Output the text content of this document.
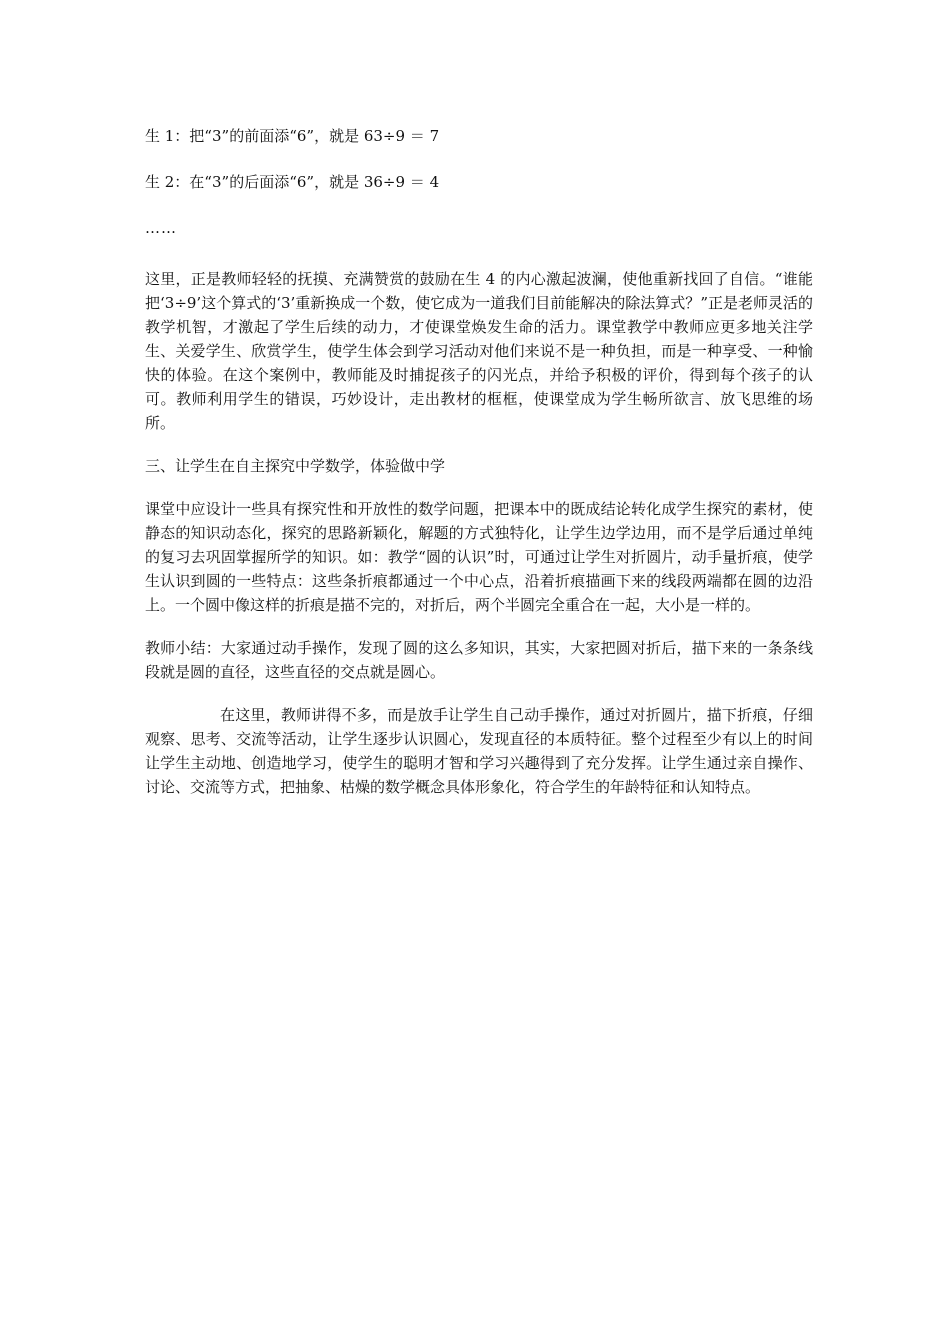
生 1：把“3”的前面添“6”，就是 63÷9 ＝ 7

生 2：在“3”的后面添“6”，就是 36÷9 ＝ 4

……

这里，正是教师轻轻的抚摸、充满赞赏的鼓励在生 4 的内心激起波澜，使他重新找回了自信。“谁能把‘3÷9’这个算式的‘3’重新换成一个数，使它成为一道我们目前能解决的除法算式？”正是老师灵活的教学机智，才激起了学生后续的动力，才使课堂焕发生命的活力。课堂教学中教师应更多地关注学生、关爱学生、欣赏学生，使学生体会到学习活动对他们来说不是一种负担，而是一种享受、一种愉快的体验。在这个案例中，教师能及时捕捉孩子的闪光点，并给予积极的评价，得到每个孩子的认可。教师利用学生的错误，巧妙设计，走出教材的框框，使课堂成为学生畅所欲言、放飞思维的场所。

三、让学生在自主探究中学数学，体验做中学

课堂中应设计一些具有探究性和开放性的数学问题，把课本中的既成结论转化成学生探究的素材，使静态的知识动态化，探究的思路新颖化，解题的方式独特化，让学生边学边用，而不是学后通过单纯的复习去巩固掌握所学的知识。如：教学“圆的认识”时，可通过让学生对折圆片，动手量折痕，使学生认识到圆的一些特点：这些条折痕都通过一个中心点，沿着折痕描画下来的线段两端都在圆的边沿上。一个圆中像这样的折痕是描不完的，对折后，两个半圆完全重合在一起，大小是一样的。

教师小结：大家通过动手操作，发现了圆的这么多知识，其实，大家把圆对折后，描下来的一条条线段就是圆的直径，这些直径的交点就是圆心。

在这里，教师讲得不多，而是放手让学生自己动手操作，通过对折圆片，描下折痕，仔细观察、思考、交流等活动，让学生逐步认识圆心，发现直径的本质特征。整个过程至少有以上的时间让学生主动地、创造地学习，使学生的聪明才智和学习兴趣得到了充分发挥。让学生通过亲自操作、讨论、交流等方式，把抽象、枯燥的数学概念具体形象化，符合学生的年龄特征和认知特点。
